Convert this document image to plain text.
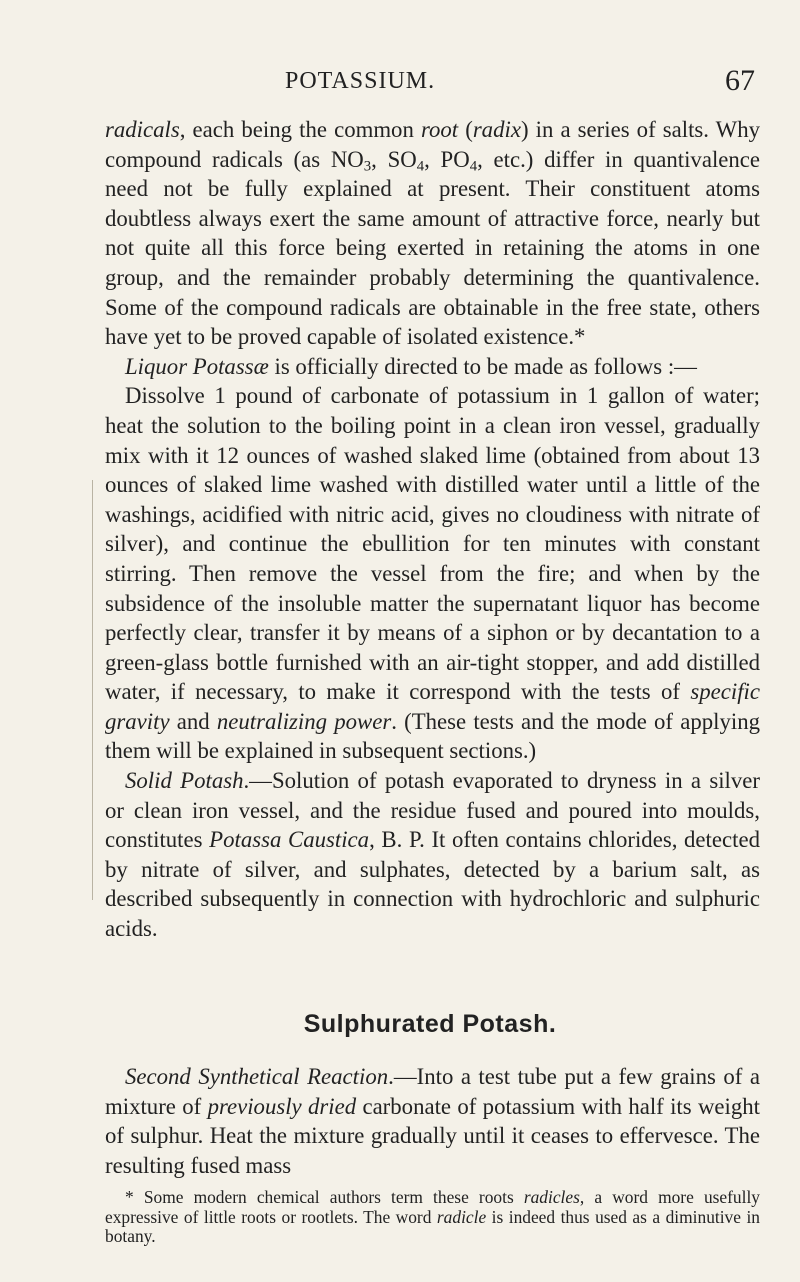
POTASSIUM.	67

radicals, each being the common root (radix) in a series of salts. Why compound radicals (as $NO_3$, $SO_4$, $PO_4$, etc.) differ in quantivalence need not be fully explained at present. Their constituent atoms doubtless always exert the same amount of attractive force, nearly but not quite all this force being exerted in retaining the atoms in one group, and the remainder probably determining the quantivalence. Some of the compound radicals are obtainable in the free state, others have yet to be proved capable of isolated existence.*

Liquor Potassæ is officially directed to be made as follows :—

Dissolve 1 pound of carbonate of potassium in 1 gallon of water; heat the solution to the boiling point in a clean iron vessel, gradually mix with it 12 ounces of washed slaked lime (obtained from about 13 ounces of slaked lime washed with distilled water until a little of the washings, acidified with nitric acid, gives no cloudiness with nitrate of silver), and continue the ebullition for ten minutes with constant stirring. Then remove the vessel from the fire; and when by the subsidence of the insoluble matter the supernatant liquor has become perfectly clear, transfer it by means of a siphon or by decantation to a green-glass bottle furnished with an air-tight stopper, and add distilled water, if necessary, to make it correspond with the tests of specific gravity and neutralizing power. (These tests and the mode of applying them will be explained in subsequent sections.)

Solid Potash.—Solution of potash evaporated to dryness in a silver or clean iron vessel, and the residue fused and poured into moulds, constitutes Potassa Caustica, B. P. It often contains chlorides, detected by nitrate of silver, and sulphates, detected by a barium salt, as described subsequently in connection with hydrochloric and sulphuric acids.

Sulphurated Potash.

Second Synthetical Reaction.—Into a test tube put a few grains of a mixture of previously dried carbonate of potassium with half its weight of sulphur. Heat the mixture gradually until it ceases to effervesce. The resulting fused mass

* Some modern chemical authors term these roots radicles, a word more usefully expressive of little roots or rootlets. The word radicle is indeed thus used as a diminutive in botany.
